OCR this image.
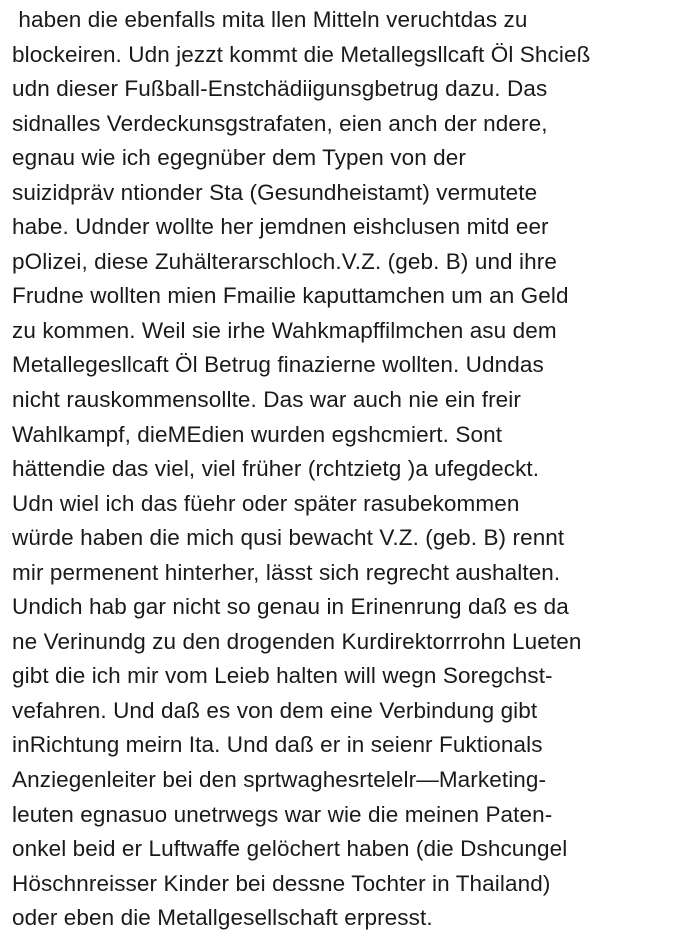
haben die ebenfalls mita llen Mitteln veruchtdas zu
blockeiren. Udn jezzt kommt die Metallegsllcaft Öl Shcieß
udn dieser Fußball-Enstchädiigunsgbetrug dazu. Das
sidnalles Verdeckunsgstrafaten, eien anch der ndere,
egnau wie ich egegnüber dem Typen von der
suizidpräv ntionder Sta (Gesundheistamt) vermutete
habe. Udnder wollte her jemdnen eishclusen mitd eer
pOlizei, diese Zuhälterarschloch.V.Z. (geb. B) und ihre
Frudne wollten mien Fmailie kaputtamchen um an Geld
zu kommen. Weil sie irhe Wahkmapffilmchen asu dem
Metallegesllcaft Öl Betrug finazierne wollten. Udndas
nicht rauskommensollte. Das war auch nie ein freir
Wahlkampf, dieMEdien wurden egshcmiert. Sont
hättendie das viel, viel früher (rchtzietg )a ufegdeckt.
Udn wiel ich das füehr oder später rasubekommen
würde haben die mich qusi bewacht V.Z. (geb. B) rennt
mir permenent hinterher, lässt sich regrecht aushalten.
Undich hab gar nicht so genau in Erinenrung daß es da
ne Verinundg zu den drogenden Kurdirektorrrohn Lueten
gibt die ich mir vom Leieb halten will wegn Soregchst-
vefahren. Und daß es von dem eine Verbindung gibt
inRichtung meirn Ita. Und daß er in seienr Fuktionals
Anziegenleiter bei den sprtwaghesrtelelr—Marketing-
leuten egnasuo unetrwegs war wie die meinen Paten-
onkel beid er Luftwaffe gelöchert haben (die Dshcungel
Höschnreisser Kinder bei dessne Tochter in Thailand)
oder eben die Metallgesellschaft erpresst.
